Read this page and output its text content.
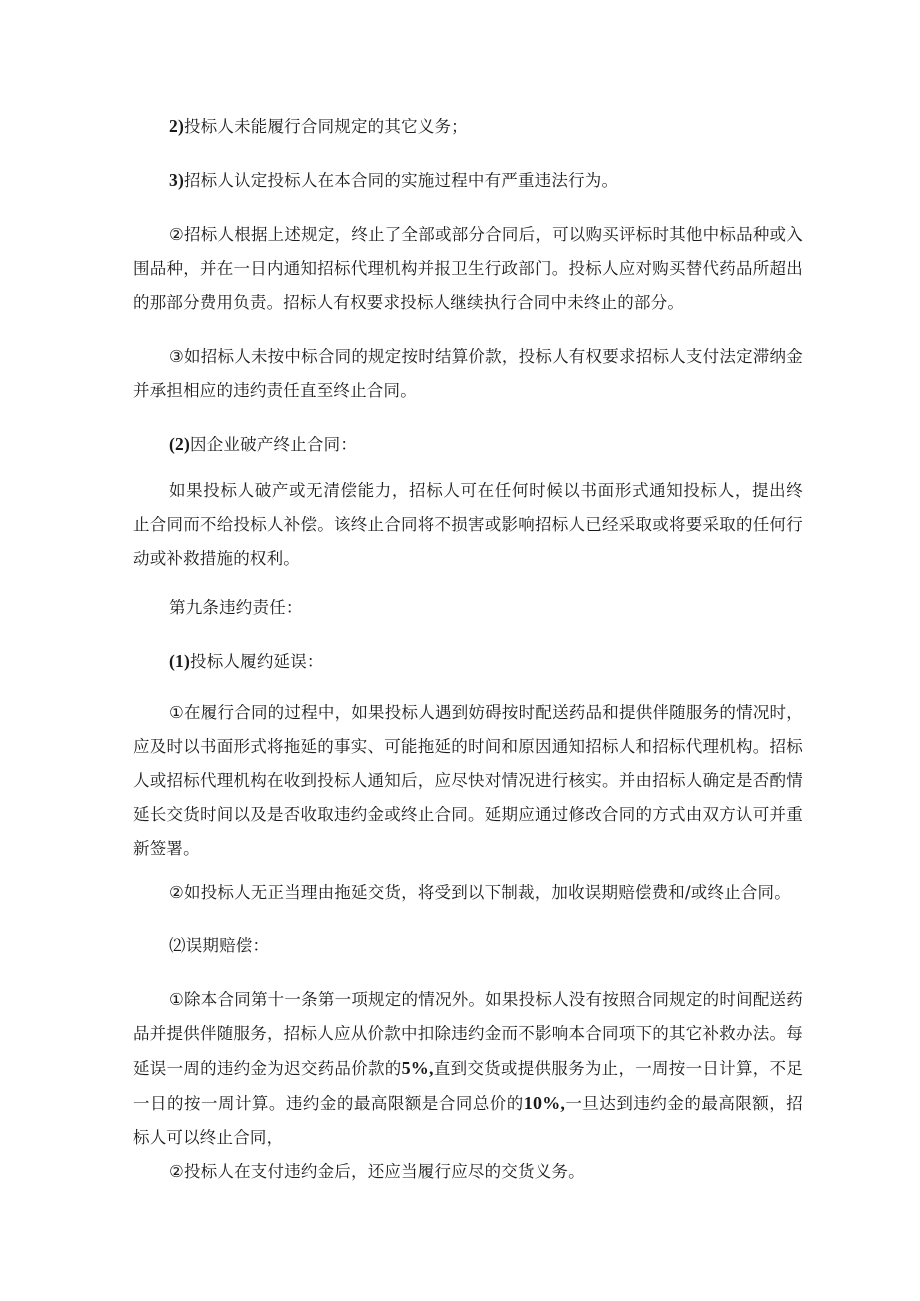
2)投标人未能履行合同规定的其它义务；

3)招标人认定投标人在本合同的实施过程中有严重违法行为。

②招标人根据上述规定，终止了全部或部分合同后，可以购买评标时其他中标品种或入围品种，并在一日内通知招标代理机构并报卫生行政部门。投标人应对购买替代药品所超出的那部分费用负责。招标人有权要求投标人继续执行合同中未终止的部分。

③如招标人未按中标合同的规定按时结算价款，投标人有权要求招标人支付法定滞纳金并承担相应的违约责任直至终止合同。

(2)因企业破产终止合同：

如果投标人破产或无清偿能力，招标人可在任何时候以书面形式通知投标人，提出终止合同而不给投标人补偿。该终止合同将不损害或影响招标人已经采取或将要采取的任何行动或补救措施的权利。

第九条违约责任：

(1)投标人履约延误：

①在履行合同的过程中，如果投标人遇到妨碍按时配送药品和提供伴随服务的情况时，应及时以书面形式将拖延的事实、可能拖延的时间和原因通知招标人和招标代理机构。招标人或招标代理机构在收到投标人通知后，应尽快对情况进行核实。并由招标人确定是否酌情延长交货时间以及是否收取违约金或终止合同。延期应通过修改合同的方式由双方认可并重新签署。

②如投标人无正当理由拖延交货，将受到以下制裁，加收误期赔偿费和/或终止合同。

⑵误期赔偿：

①除本合同第十一条第一项规定的情况外。如果投标人没有按照合同规定的时间配送药品并提供伴随服务，招标人应从价款中扣除违约金而不影响本合同项下的其它补救办法。每延误一周的违约金为迟交药品价款的5%,直到交货或提供服务为止，一周按一日计算，不足一日的按一周计算。违约金的最高限额是合同总价的10%,一旦达到违约金的最高限额，招标人可以终止合同，

②投标人在支付违约金后，还应当履行应尽的交货义务。
